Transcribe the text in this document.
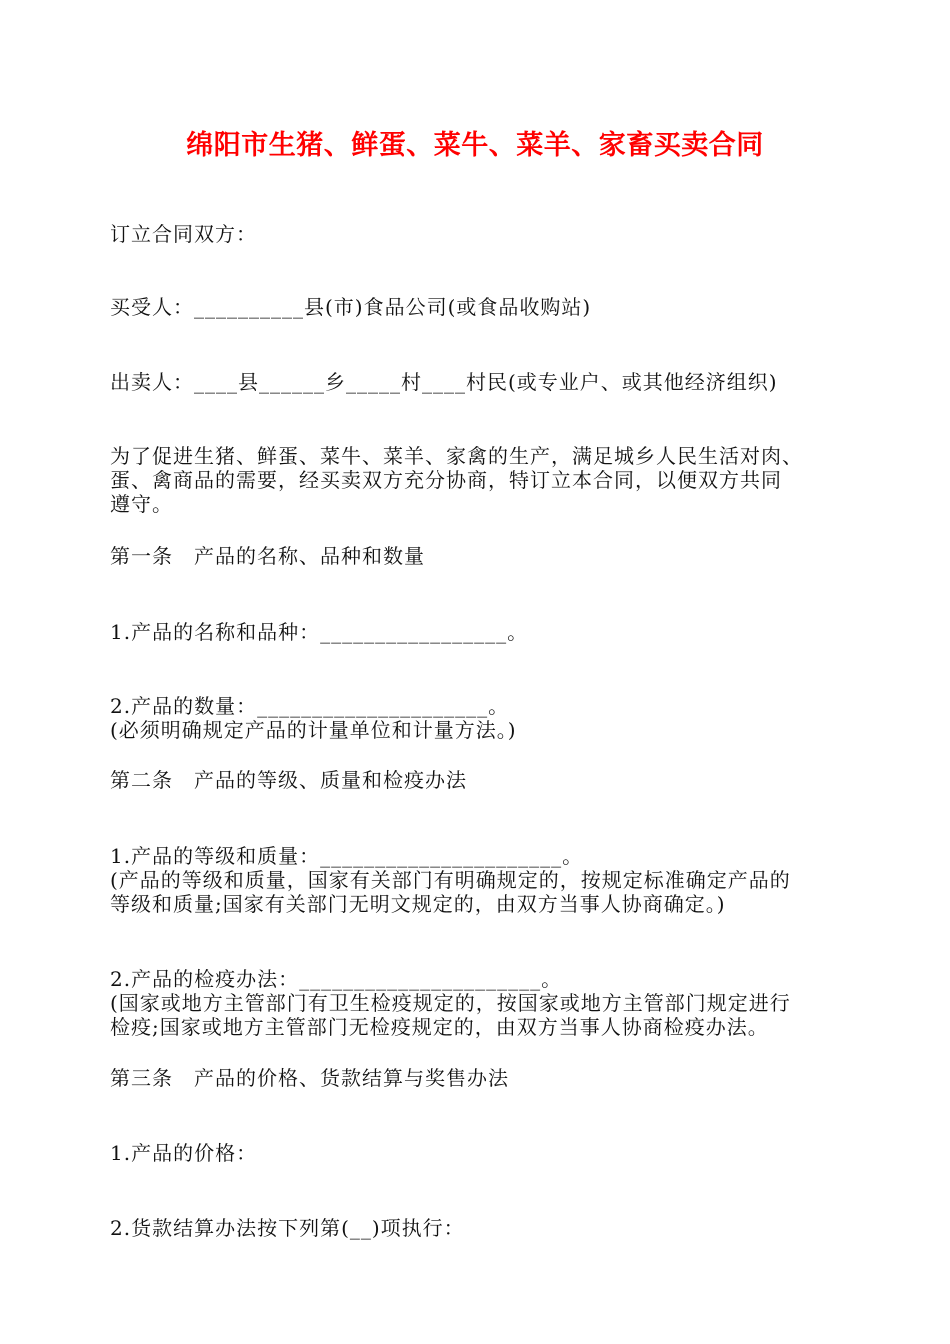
绵阳市生猪、鲜蛋、菜牛、菜羊、家畜买卖合同
订立合同双方：
买受人：__________县(市)食品公司(或食品收购站)
出卖人：____县______乡_____村____村民(或专业户、或其他经济组织)
为了促进生猪、鲜蛋、菜牛、菜羊、家禽的生产，满足城乡人民生活对肉、
蛋、禽商品的需要，经买卖双方充分协商，特订立本合同，以便双方共同
遵守。
第一条　产品的名称、品种和数量
1.产品的名称和品种：_________________。
2.产品的数量：_____________________。
(必须明确规定产品的计量单位和计量方法。)
第二条　产品的等级、质量和检疫办法
1.产品的等级和质量：______________________。
(产品的等级和质量，国家有关部门有明确规定的，按规定标准确定产品的
等级和质量;国家有关部门无明文规定的，由双方当事人协商确定。)
2.产品的检疫办法：______________________。
(国家或地方主管部门有卫生检疫规定的，按国家或地方主管部门规定进行
检疫;国家或地方主管部门无检疫规定的，由双方当事人协商检疫办法。
第三条　产品的价格、货款结算与奖售办法
1.产品的价格：
2.货款结算办法按下列第(__)项执行：
